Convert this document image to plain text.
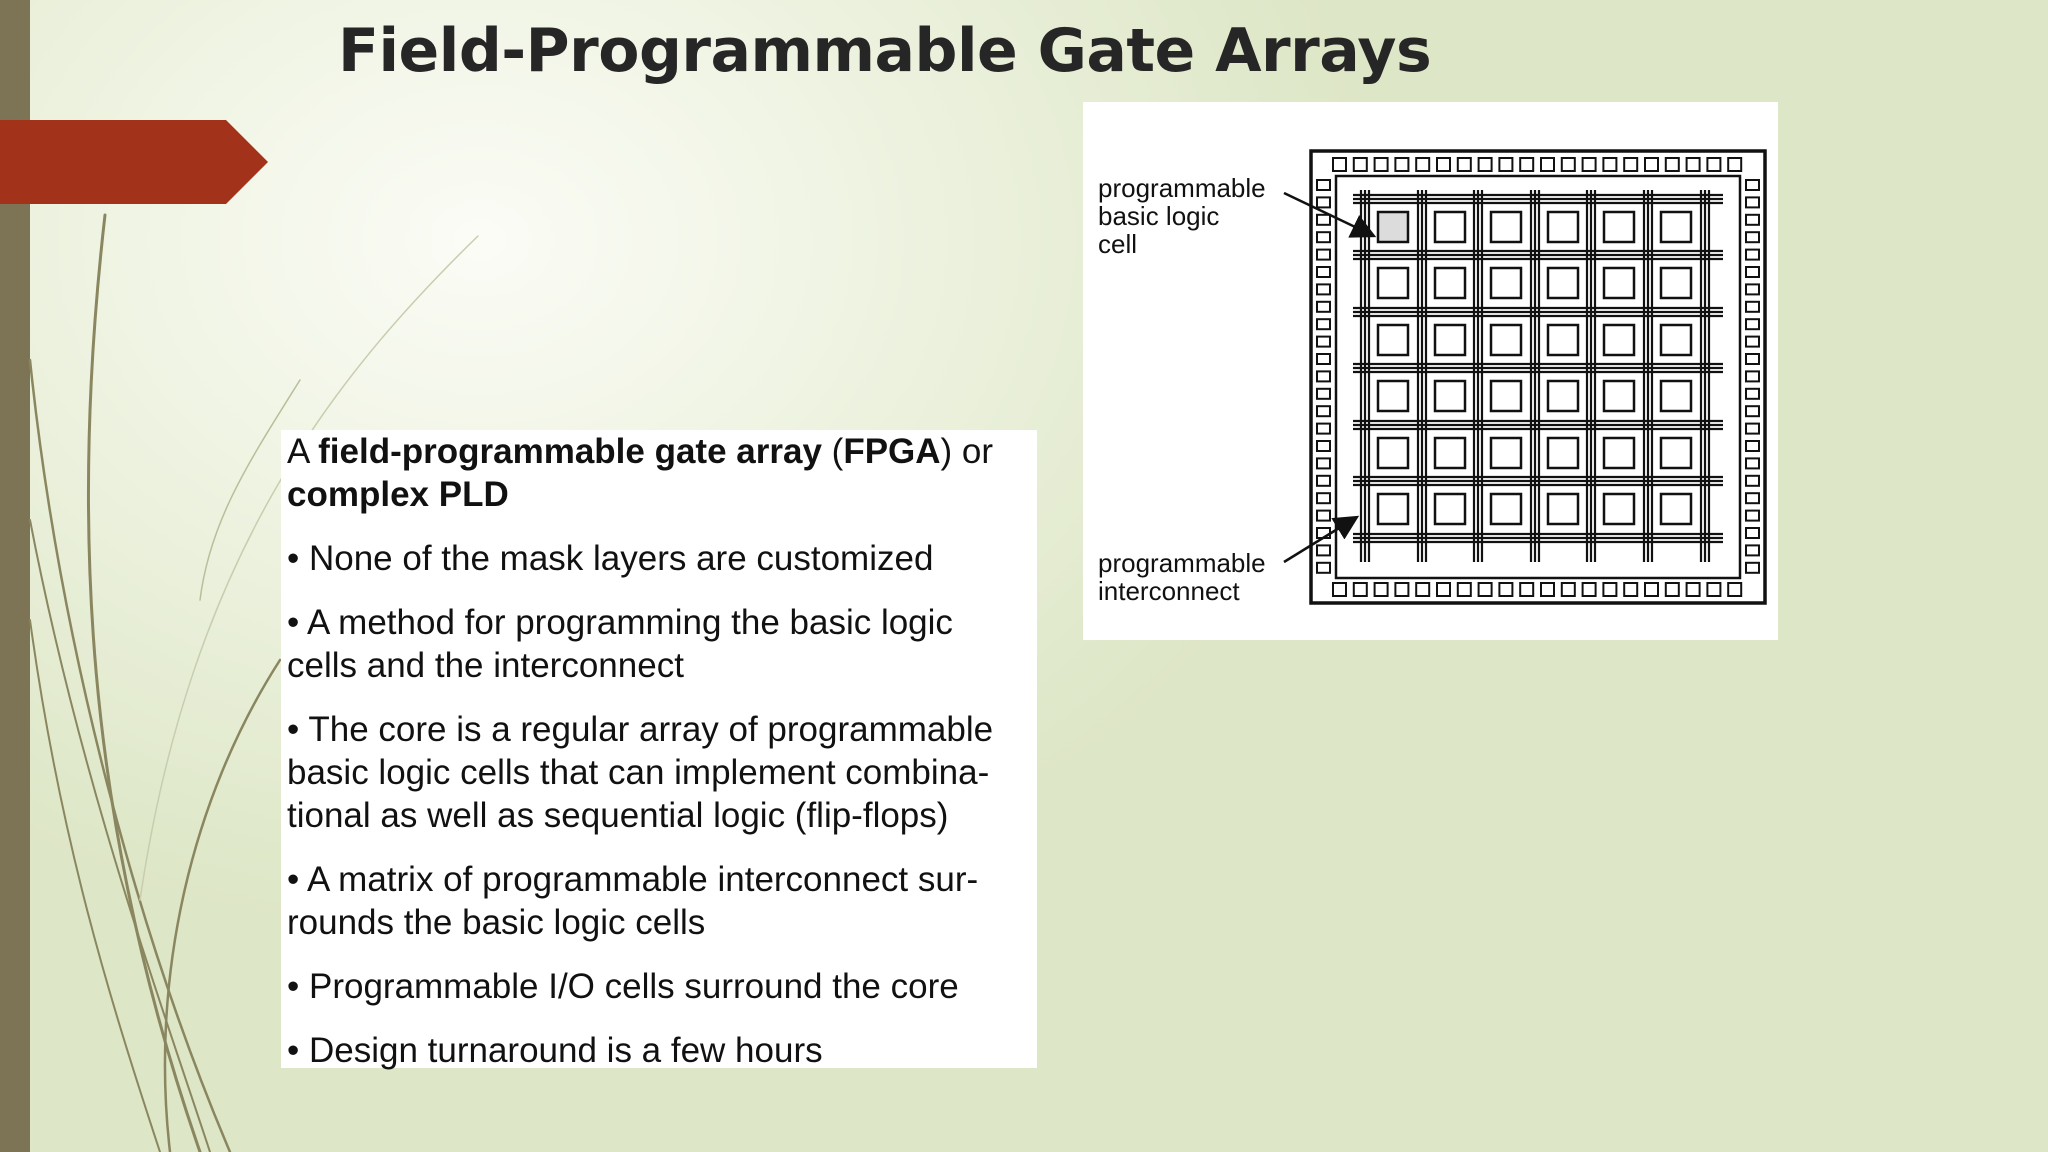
Field-Programmable Gate Arrays

A field-programmable gate array (FPGA) or
complex PLD

• None of the mask layers are customized

• A method for programming the basic logic
cells and the interconnect

• The core is a regular array of programmable
basic logic cells that can implement combina-
tional as well as sequential logic (flip-flops)

• A matrix of programmable interconnect sur-
rounds the basic logic cells

• Programmable I/O cells surround the core

• Design turnaround is a few hours

programmable
basic logic
cell
programmable
interconnect
